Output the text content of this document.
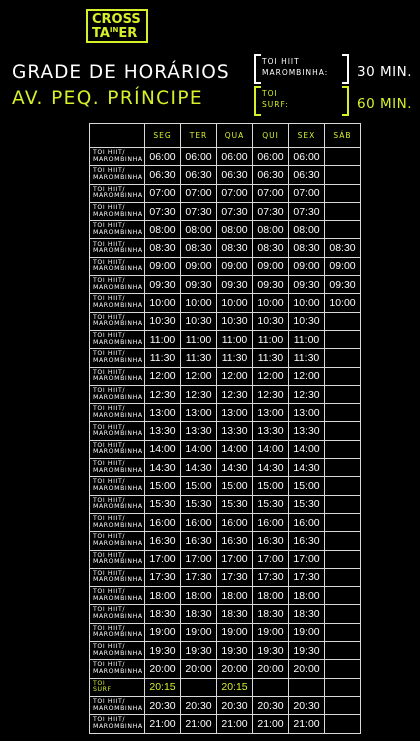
CROSS
$TA^{IN}ER$
GRADE DE HORÁRIOS
AV. PEQ. PRÍNCIPE
TOI HIIT
MAROMBINHA: 30 MIN.
TOI
SURF:	60 MIN.
	SEG	TER	QUA	QUI	SEX	SÁB

TOI HIIT/
MAROMBINHA	06:00	06:00	06:00	06:00	06:00	

TOI HIIT/
MAROMBINHA	06:30	06:30	06:30	06:30	06:30	

TOI HIIT/
MAROMBINHA	07:00	07:00	07:00	07:00	07:00	

TOI HIIT/
MAROMBINHA	07:30	07:30	07:30	07:30	07:30	

TOI HIIT/
MAROMBINHA	08:00	08:00	08:00	08:00	08:00	

TOI HIIT/
MAROMBINHA	08:30	08:30	08:30	08:30	08:30	08:30

TOI HIIT/
MAROMBINHA	09:00	09:00	09:00	09:00	09:00	09:00

TOI HIIT/
MAROMBINHA	09:30	09:30	09:30	09:30	09:30	09:30

TOI HIIT/
MAROMBINHA	10:00	10:00	10:00	10:00	10:00	10:00

TOI HIIT/
MAROMBINHA	10:30	10:30	10:30	10:30	10:30	

TOI HIIT/
MAROMBINHA	11:00	11:00	11:00	11:00	11:00	

TOI HIIT/
MAROMBINHA	11:30	11:30	11:30	11:30	11:30	

TOI HIIT/
MAROMBINHA	12:00	12:00	12:00	12:00	12:00	

TOI HIIT/
MAROMBINHA	12:30	12:30	12:30	12:30	12:30	

TOI HIIT/
MAROMBINHA	13:00	13:00	13:00	13:00	13:00	

TOI HIIT/
MAROMBINHA	13:30	13:30	13:30	13:30	13:30	

TOI HIIT/
MAROMBINHA	14:00	14:00	14:00	14:00	14:00	

TOI HIIT/
MAROMBINHA	14:30	14:30	14:30	14:30	14:30	

TOI HIIT/
MAROMBINHA	15:00	15:00	15:00	15:00	15:00	

TOI HIIT/
MAROMBINHA	15:30	15:30	15:30	15:30	15:30	

TOI HIIT/
MAROMBINHA	16:00	16:00	16:00	16:00	16:00	

TOI HIIT/
MAROMBINHA	16:30	16:30	16:30	16:30	16:30	

TOI HIIT/
MAROMBINHA	17:00	17:00	17:00	17:00	17:00	

TOI HIIT/
MAROMBINHA	17:30	17:30	17:30	17:30	17:30	

TOI HIIT/
MAROMBINHA	18:00	18:00	18:00	18:00	18:00	

TOI HIIT/
MAROMBINHA	18:30	18:30	18:30	18:30	18:30	

TOI HIIT/
MAROMBINHA	19:00	19:00	19:00	19:00	19:00	

TOI HIIT/
MAROMBINHA	19:30	19:30	19:30	19:30	19:30	

TOI HIIT/
MAROMBINHA	20:00	20:00	20:00	20:00	20:00	

TOI
SURF	20:15		20:15			

TOI HIIT/
MAROMBINHA	20:30	20:30	20:30	20:30	20:30	

TOI HIIT/
MAROMBINHA	21:00	21:00	21:00	21:00	21:00	
